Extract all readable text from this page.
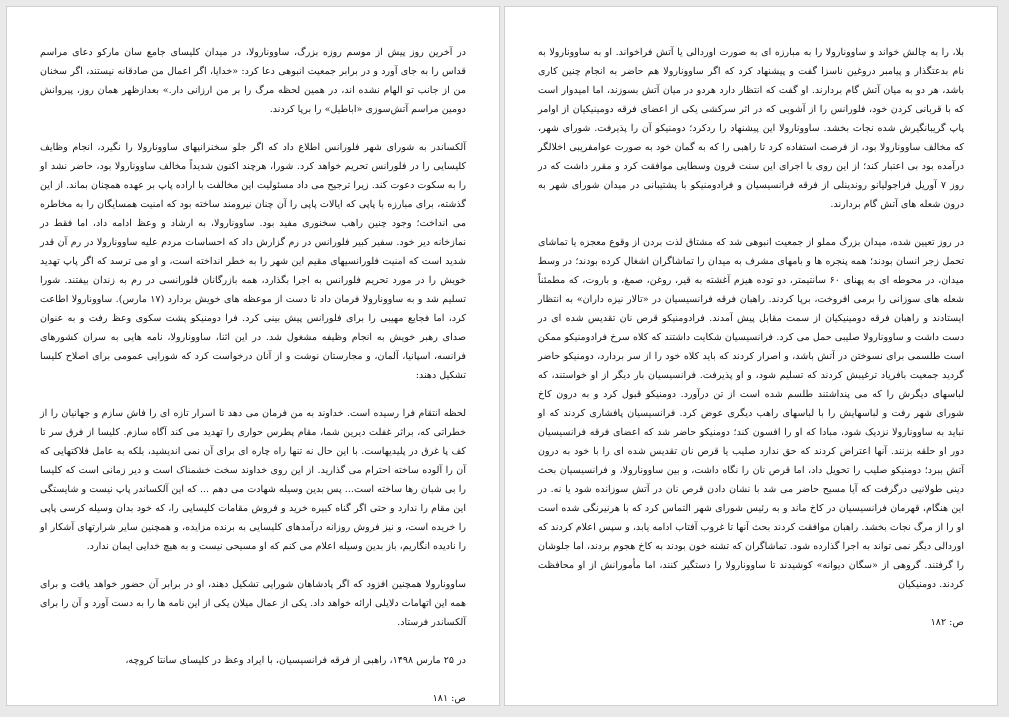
در آخرین روز پیش از موسم روزه بزرگ، ساوونارولا، در میدان کلیسای جامع سان مارکو دعای مراسم قداس را به جای آورد و در برابر جمعیت انبوهی دعا کرد: «خدایا، اگر اعمال من صادقانه نیستند، اگر سخنان من از جانب تو الهام نشده اند، در همین لحظه مرگ را بر من ارزانی دار.» بعدازظهر همان روز، پیروانش دومین مراسم آتش‌سوزی «اباطیل» را برپا کردند.

آلکساندر به شورای شهر فلورانس اطلاع داد که اگر جلو سخنرانیهای ساوونارولا را نگیرد، انجام وظایف کلیسایی را در فلورانس تحریم خواهد کرد. شورا، هرچند اکنون شدیداً مخالف ساوونارولا بود، حاضر نشد او را به سکوت دعوت کند. زیرا ترجیح می داد مسئولیت این مخالفت با اراده پاپ بر عهده همچنان بماند. از این گذشته، برای مبارزه با پاپی که ایالات پاپی را آن چنان نیرومند ساخته بود که امنیت همسایگان را به مخاطره می انداخت؛ وجود چنین راهب سخنوری مفید بود. ساوونارولا، به ارشاد و وعظ ادامه داد، اما فقط در نمازخانه دیر خود. سفیر کبیر فلورانس در رم گزارش داد که احساسات مردم علیه ساوونارولا در رم آن قدر شدید است که امنیت فلورانسیهای مقیم این شهر را به خطر انداخته است، و او می ترسد که اگر پاپ تهدید خویش را در مورد تحریم فلورانس به اجرا بگذارد، همه بازرگانان فلورانسی در رم به زندان بیفتند. شورا تسلیم شد و به ساوونارولا فرمان داد تا دست از موعظه های خویش بردارد (۱۷ مارس). ساوونارولا اطاعت کرد، اما فجایع مهیبی را برای فلورانس پیش بینی کرد. فرا دومنیکو پشت سکوی وعظ رفت و به عنوان صدای رهبر خویش به انجام وظیفه مشغول شد. در این اثنا، ساوونارولا، نامه هایی به سران کشورهای فرانسه، اسپانیا، آلمان، و مجارستان نوشت و از آنان درخواست کرد که شورایی عمومی برای اصلاح کلیسا تشکیل دهند:

لحظه انتقام فرا رسیده است. خداوند به من فرمان می دهد تا اسرار تازه ای را فاش سازم و جهانیان را از خطراتی که، براثر غفلت دیرین شما، مقام پطرس حواری را تهدید می کند آگاه سازم. کلیسا از فرق سر تا کف پا غرق در پلیدیهاست. با این حال نه تنها راه چاره ای برای آن نمی اندیشید، بلکه به عامل فلاکتهایی که آن را آلوده ساخته احترام می گذارید. از این روی خداوند سخت خشمناک است و دیر زمانی است که کلیسا را بی شبان رها ساخته است... پس بدین وسیله شهادت می دهم ... که این آلکساندر پاپ نیست و شایستگی این مقام را ندارد و حتی اگر گناه کبیره خرید و فروش مقامات کلیسایی را، که خود بدان وسیله کرسی پاپی را خریده است، و نیز فروش روزانه درآمدهای کلیسایی به برنده مزایده، و همچنین سایر شرارتهای آشکار او را نادیده انگاریم، باز بدین وسیله اعلام می کنم که او مسیحی نیست و به هیچ خدایی ایمان ندارد.

ساوونارولا همچنین افزود که اگر پادشاهان شورایی تشکیل دهند، او در برابر آن حضور خواهد یافت و برای همه این اتهامات دلایلی ارائه خواهد داد. یکی از عمال میلان یکی از این نامه ها را به دست آورد و آن را برای آلکساندر فرستاد.

در ۲۵ مارس ۱۴۹۸، راهبی از فرقه فرانسیسیان، با ایراد وعظ در کلیسای سانتا کروچه،

ص: ۱۸۱

بلا، را به چالش خواند و ساوونارولا را به مبارزه ای به صورت اوردالی یا آتش فراخواند. او به ساوونارولا به نام بدعتگذار و پیامبر دروغین ناسزا گفت و پیشنهاد کرد که اگر ساوونارولا هم حاضر به انجام چنین کاری باشد، هر دو به میان آتش گام بردارند. او گفت که انتظار دارد هردو در میان آتش بسوزند، اما امیدوار است که با قربانی کردن خود، فلورانس را از آشوبی که در اثر سرکشی یکی از اعضای فرقه دومینیکیان از اوامر پاپ گریبانگیرش شده نجات بخشد. ساوونارولا این پیشنهاد را ردکرد؛ دومنیکو آن را پذیرفت. شورای شهر، که مخالف ساوونارولا بود، از فرصت استفاده کرد تا راهبی را که به گمان خود به صورت عوامفریبی اخلالگر درآمده بود بی اعتبار کند؛ از این روی با اجرای این سنت قرون وسطایی موافقت کرد و مقرر داشت که در روز ۷ آوریل فراجولیانو روندینلی از فرقه فرانسیسیان و فرادومنیکو با پشتیبانی در میدان شورای شهر به درون شعله های آتش گام بردارند.

در روز تعیین شده، میدان بزرگ مملو از جمعیت انبوهی شد که مشتاق لذت بردن از وقوع معجزه یا تماشای تحمل زجر انسان بودند؛ همه پنجره ها و بامهای مشرف به میدان را تماشاگران اشغال کرده بودند؛ در وسط میدان، در محوطه ای به پهنای ۶۰ سانتیمتر، دو توده هیزم آغشته به قیر، روغن، صمغ، و باروت، که مطمئناً شعله های سوزانی را برمی افروخت، برپا کردند. راهبان فرقه فرانسیسیان در «تالار نیزه داران» به انتظار ایستادند و راهبان فرقه دومینیکیان از سمت مقابل پیش آمدند. فرادومنیکو قرص نان تقدیس شده ای در دست داشت و ساوونارولا صلیبی حمل می کرد. فرانسیسیان شکایت داشتند که کلاه سرخ فرادومنیکو ممکن است طلسمی برای نسوختن در آتش باشد، و اصرار کردند که باید کلاه خود را از سر بردارد، دومنیکو حاضر گردید جمعیت بافریاد ترغیبش کردند که تسلیم شود، و او پذیرفت. فرانسیسیان بار دیگر از او خواستند، که لباسهای دیگرش را که می پنداشتند طلسم شده است از تن درآورد. دومنیکو قبول کرد و به درون کاخ شورای شهر رفت و لباسهایش را با لباسهای راهب دیگری عوض کرد. فرانسیسیان پافشاری کردند که او نباید به ساوونارولا نزدیک شود، مبادا که او را افسون کند؛ دومنیکو حاضر شد که اعضای فرقه فرانسیسیان دور او حلقه بزنند. آنها اعتراض کردند که حق ندارد صلیب یا قرص نان تقدیس شده ای را با خود به درون آتش ببرد؛ دومنیکو صلیب را تحویل داد، اما قرص نان را نگاه داشت، و بین ساوونارولا، و فرانسیسیان بحث دینی طولانیی درگرفت که آیا مسیح حاضر می شد با نشان دادن قرص نان در آتش سوزانده شود یا نه. در این هنگام، قهرمان فرانسیسیان در کاخ ماند و به رئیس شورای شهر التماس کرد که با هرنیرنگی شده است او را از مرگ نجات بخشد. راهبان موافقت کردند بحث آنها تا غروب آفتاب ادامه یابد، و سپس اعلام کردند که اوردالی دیگر نمی تواند به اجرا گذارده شود. تماشاگران که تشنه خون بودند به کاخ هجوم بردند، اما جلوشان را گرفتند. گروهی از «سگان دیوانه» کوشیدند تا ساوونارولا را دستگیر کنند، اما مأمورانش از او محافظت کردند. دومنیکیان

ص: ۱۸۲
